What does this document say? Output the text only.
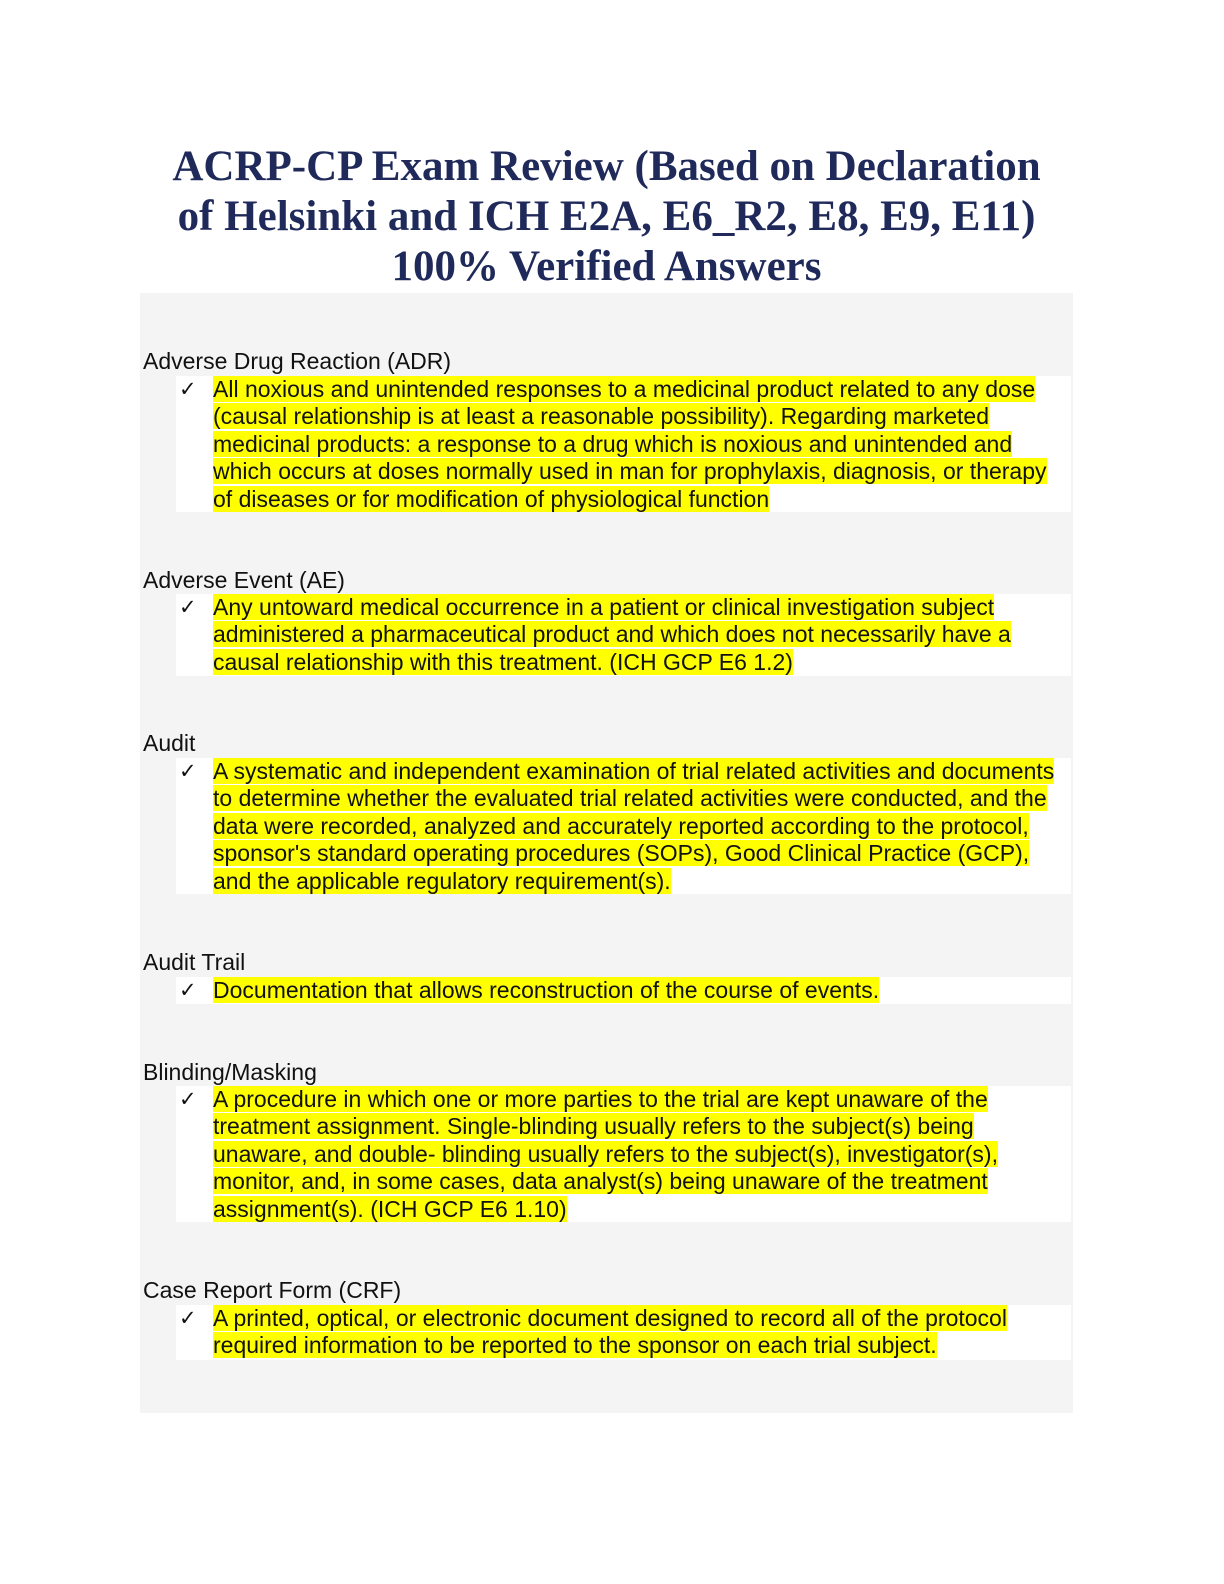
ACRP-CP Exam Review (Based on Declaration
of Helsinki and ICH E2A, E6_R2, E8, E9, E11)
100% Verified Answers
Adverse Drug Reaction (ADR)
✓ All noxious and unintended responses to a medicinal product related to any dose (causal relationship is at least a reasonable possibility). Regarding marketed medicinal products: a response to a drug which is noxious and unintended and which occurs at doses normally used in man for prophylaxis, diagnosis, or therapy of diseases or for modification of physiological function
Adverse Event (AE)
✓ Any untoward medical occurrence in a patient or clinical investigation subject administered a pharmaceutical product and which does not necessarily have a causal relationship with this treatment. (ICH GCP E6 1.2)
Audit
✓ A systematic and independent examination of trial related activities and documents to determine whether the evaluated trial related activities were conducted, and the data were recorded, analyzed and accurately reported according to the protocol, sponsor's standard operating procedures (SOPs), Good Clinical Practice (GCP), and the applicable regulatory requirement(s).
Audit Trail
✓ Documentation that allows reconstruction of the course of events.
Blinding/Masking
✓ A procedure in which one or more parties to the trial are kept unaware of the treatment assignment. Single-blinding usually refers to the subject(s) being unaware, and double- blinding usually refers to the subject(s), investigator(s), monitor, and, in some cases, data analyst(s) being unaware of the treatment assignment(s). (ICH GCP E6 1.10)
Case Report Form (CRF)
✓ A printed, optical, or electronic document designed to record all of the protocol required information to be reported to the sponsor on each trial subject.
